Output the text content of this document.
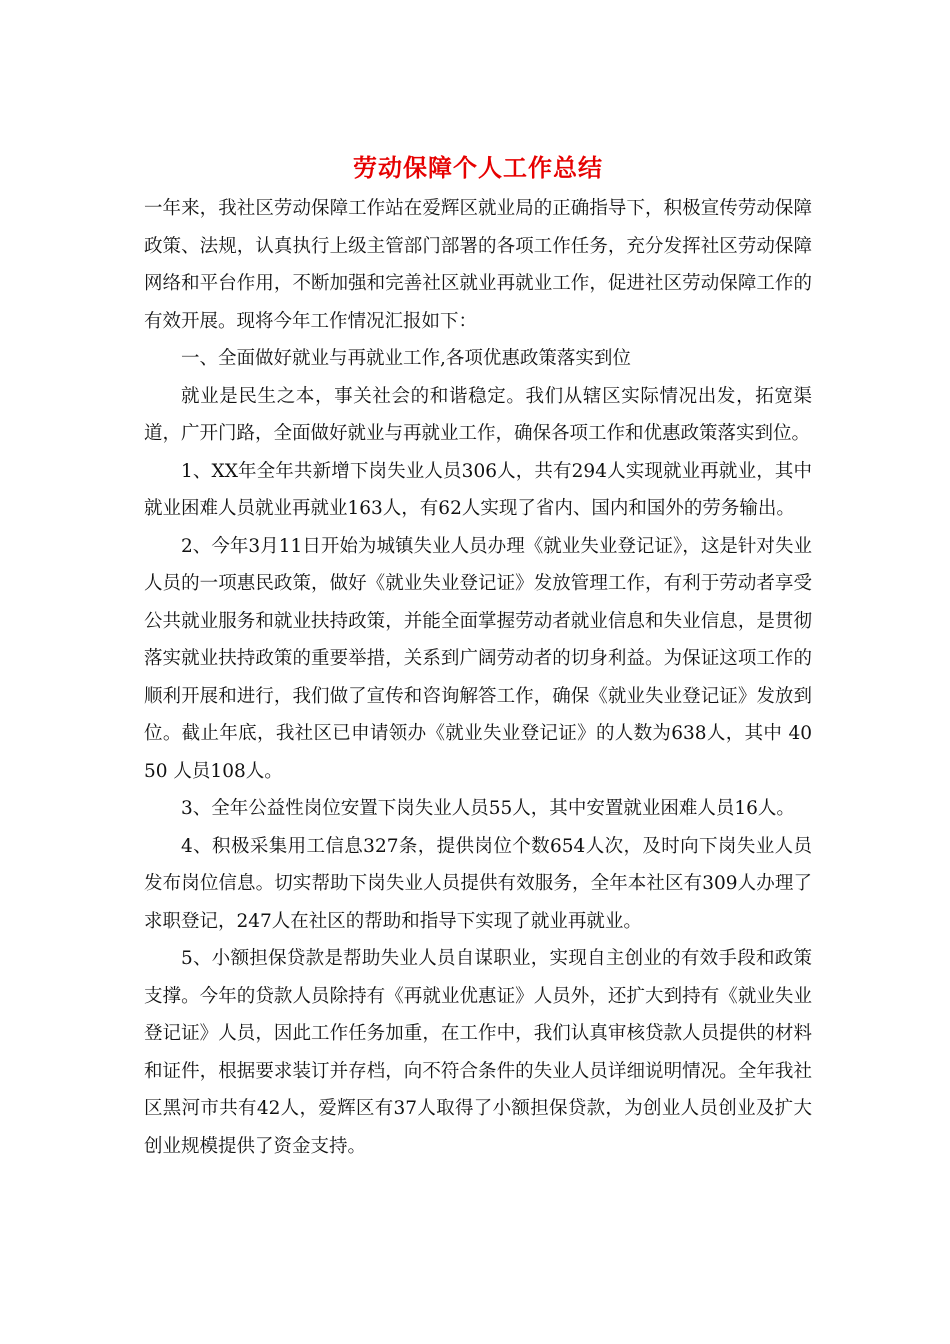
劳动保障个人工作总结

一年来，我社区劳动保障工作站在爱辉区就业局的正确指导下，积极宣传劳动保障政策、法规，认真执行上级主管部门部署的各项工作任务，充分发挥社区劳动保障网络和平台作用，不断加强和完善社区就业再就业工作，促进社区劳动保障工作的有效开展。现将今年工作情况汇报如下：

一、全面做好就业与再就业工作,各项优惠政策落实到位

就业是民生之本，事关社会的和谐稳定。我们从辖区实际情况出发，拓宽渠道，广开门路，全面做好就业与再就业工作，确保各项工作和优惠政策落实到位。

1、XX年全年共新增下岗失业人员306人，共有294人实现就业再就业，其中就业困难人员就业再就业163人，有62人实现了省内、国内和国外的劳务输出。

2、今年3月11日开始为城镇失业人员办理《就业失业登记证》，这是针对失业人员的一项惠民政策，做好《就业失业登记证》发放管理工作，有利于劳动者享受公共就业服务和就业扶持政策，并能全面掌握劳动者就业信息和失业信息，是贯彻落实就业扶持政策的重要举措，关系到广阔劳动者的切身利益。为保证这项工作的顺利开展和进行，我们做了宣传和咨询解答工作，确保《就业失业登记证》发放到位。截止年底，我社区已申请领办《就业失业登记证》的人数为638人，其中 4050 人员108人。

3、全年公益性岗位安置下岗失业人员55人，其中安置就业困难人员16人。

4、积极采集用工信息327条，提供岗位个数654人次，及时向下岗失业人员发布岗位信息。切实帮助下岗失业人员提供有效服务，全年本社区有309人办理了求职登记，247人在社区的帮助和指导下实现了就业再就业。

5、小额担保贷款是帮助失业人员自谋职业，实现自主创业的有效手段和政策支撑。今年的贷款人员除持有《再就业优惠证》人员外，还扩大到持有《就业失业登记证》人员，因此工作任务加重，在工作中，我们认真审核贷款人员提供的材料和证件，根据要求装订并存档，向不符合条件的失业人员详细说明情况。全年我社区黑河市共有42人，爱辉区有37人取得了小额担保贷款，为创业人员创业及扩大创业规模提供了资金支持。
